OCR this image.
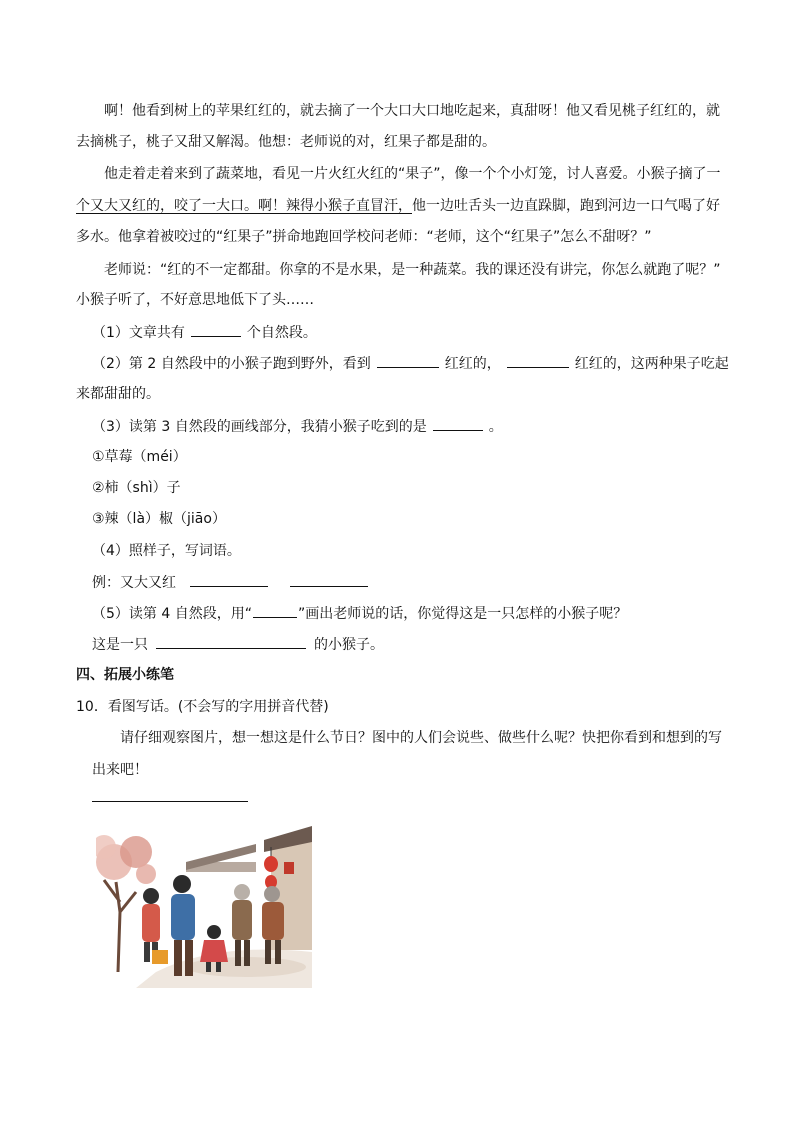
啊！他看到树上的苹果红红的，就去摘了一个大口大口地吃起来，真甜呀！他又看见桃子红红的，就
去摘桃子，桃子又甜又解渴。他想：老师说的对，红果子都是甜的。
他走着走着来到了蔬菜地，看见一片火红火红的“果子”，像一个个小灯笼，讨人喜爱。小猴子摘了一
个又大又红的，咬了一大口。啊！辣得小猴子直冒汗，他一边吐舌头一边直跺脚，跑到河边一口气喝了好
多水。他拿着被咬过的“红果子”拼命地跑回学校问老师：“老师，这个“红果子”怎么不甜呀？”
老师说：“红的不一定都甜。你拿的不是水果，是一种蔬菜。我的课还没有讲完，你怎么就跑了呢？”
小猴子听了，不好意思地低下了头……
（1）文章共有	个自然段。
（2）第 2 自然段中的小猴子跑到野外，看到	红红的，	红红的，这两种果子吃起
来都甜甜的。
（3）读第 3 自然段的画线部分，我猜小猴子吃到的是	。
①草莓（méi）
②柿（shì）子
③辣（là）椒（jiāo）
（4）照样子，写词语。
例：又大又红
（5）读第 4 自然段，用“	”画出老师说的话，你觉得这是一只怎样的小猴子呢？
这是一只	的小猴子。
四、拓展小练笔
10．看图写话。(不会写的字用拼音代替)
请仔细观察图片，想一想这是什么节日？图中的人们会说些、做些什么呢？快把你看到和想到的写
出来吧！
